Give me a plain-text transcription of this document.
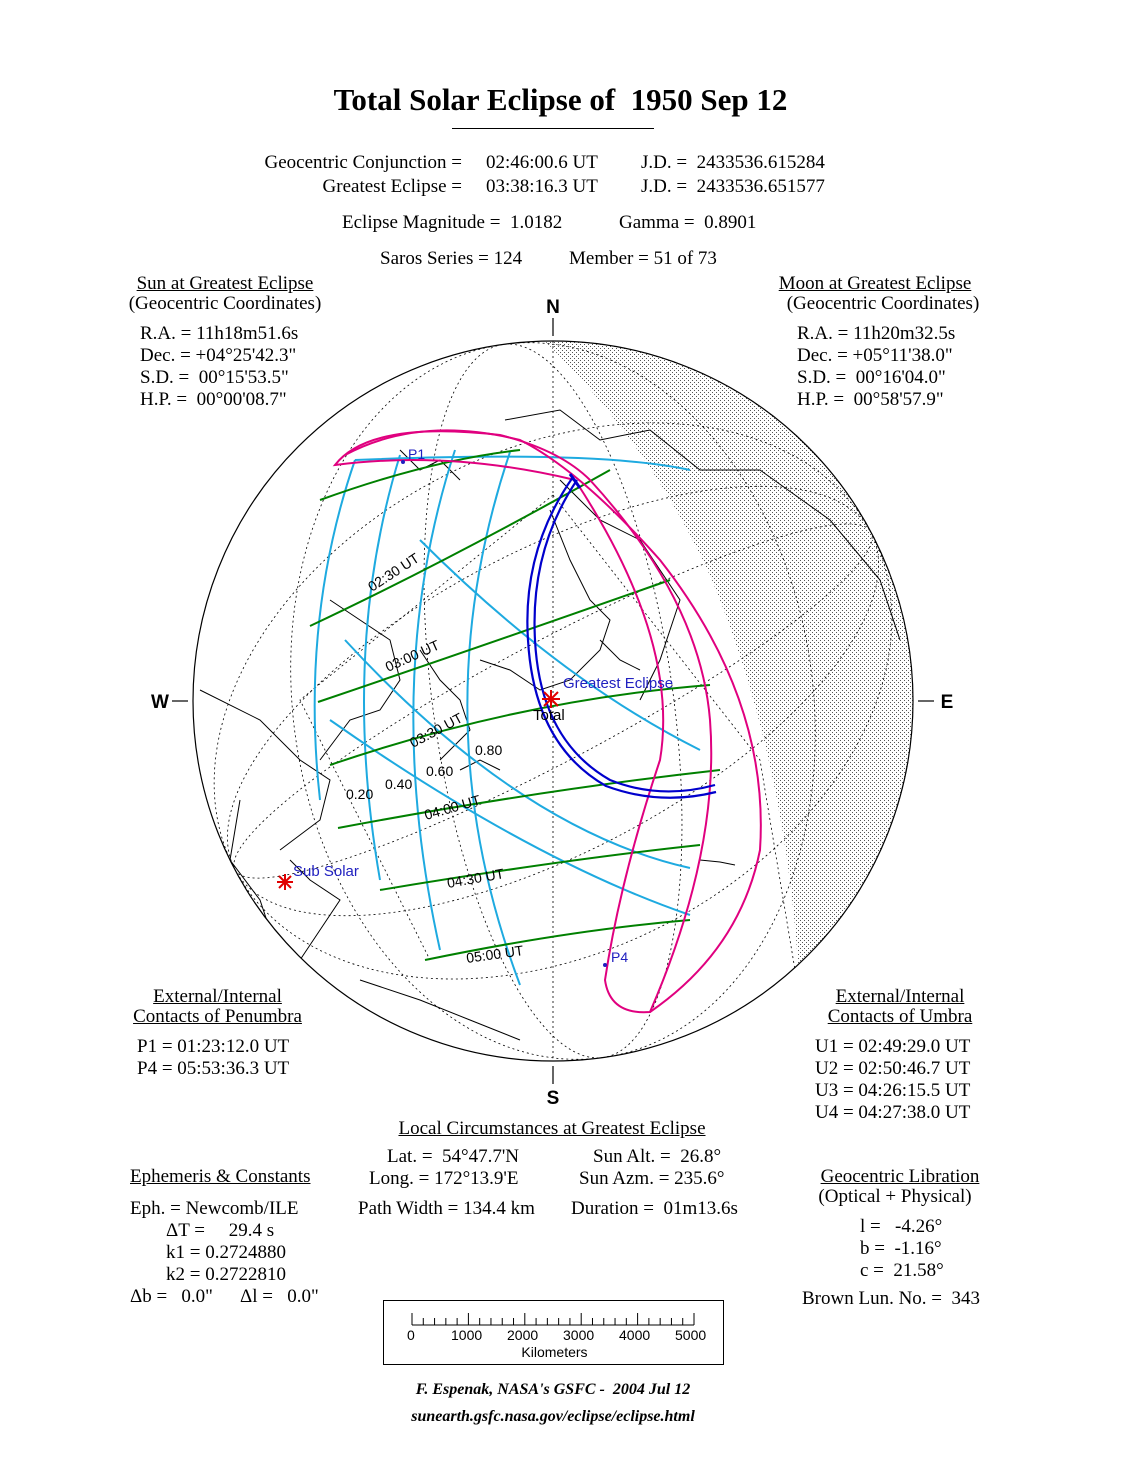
Total Solar Eclipse of  1950 Sep 12
Geocentric Conjunction = 02:46:00.6 UT J.D. =  2433536.615284
Greatest Eclipse = 03:38:16.3 UT J.D. =  2433536.651577
Eclipse Magnitude =  1.0182	Gamma =  0.8901
Saros Series = 124 Member = 51 of 73
Sun at Greatest Eclipse
(Geocentric Coordinates)
R.A. = 11h18m51.6s
Dec. = +04°25'42.3"
S.D. =  00°15'53.5"
H.P. =  00°00'08.7"
Moon at Greatest Eclipse
(Geocentric Coordinates)
R.A. = 11h20m32.5s
Dec. = +05°11'38.0"
S.D. =  00°16'04.0"
H.P. =  00°58'57.9"
N
S
W	E
P1
P4
Greatest Eclipse
Total
Sub Solar
02:30 UT
03:00 UT
03:30 UT
04:00 UT
04:30 UT
05:00 UT
0.20
0.40
0.60
0.80
External/Internal
Contacts of Penumbra
P1 = 01:23:12.0 UT
P4 = 05:53:36.3 UT
External/Internal
Contacts of Umbra
U1 = 02:49:29.0 UT
U2 = 02:50:46.7 UT
U3 = 04:26:15.5 UT
U4 = 04:27:38.0 UT
Local Circumstances at Greatest Eclipse
Lat. =  54°47.7'N
Long. = 172°13.9'E
Sun Alt. =  26.8°
Sun Azm. = 235.6°
Path Width = 134.4 km Duration =  01m13.6s
Ephemeris & Constants
Eph. = Newcomb/ILE
ΔT =     29.4 s
k1 = 0.2724880
k2 = 0.2722810
Δb =   0.0" Δl =   0.0"
Geocentric Libration
(Optical + Physical)
l =   -4.26°
b =  -1.16°
c =  21.58°
Brown Lun. No. =  343

0

	1000

2000

3000

4000

5000

Kilometers

F. Espenak, NASA's GSFC -  2004 Jul 12
sunearth.gsfc.nasa.gov/eclipse/eclipse.html
